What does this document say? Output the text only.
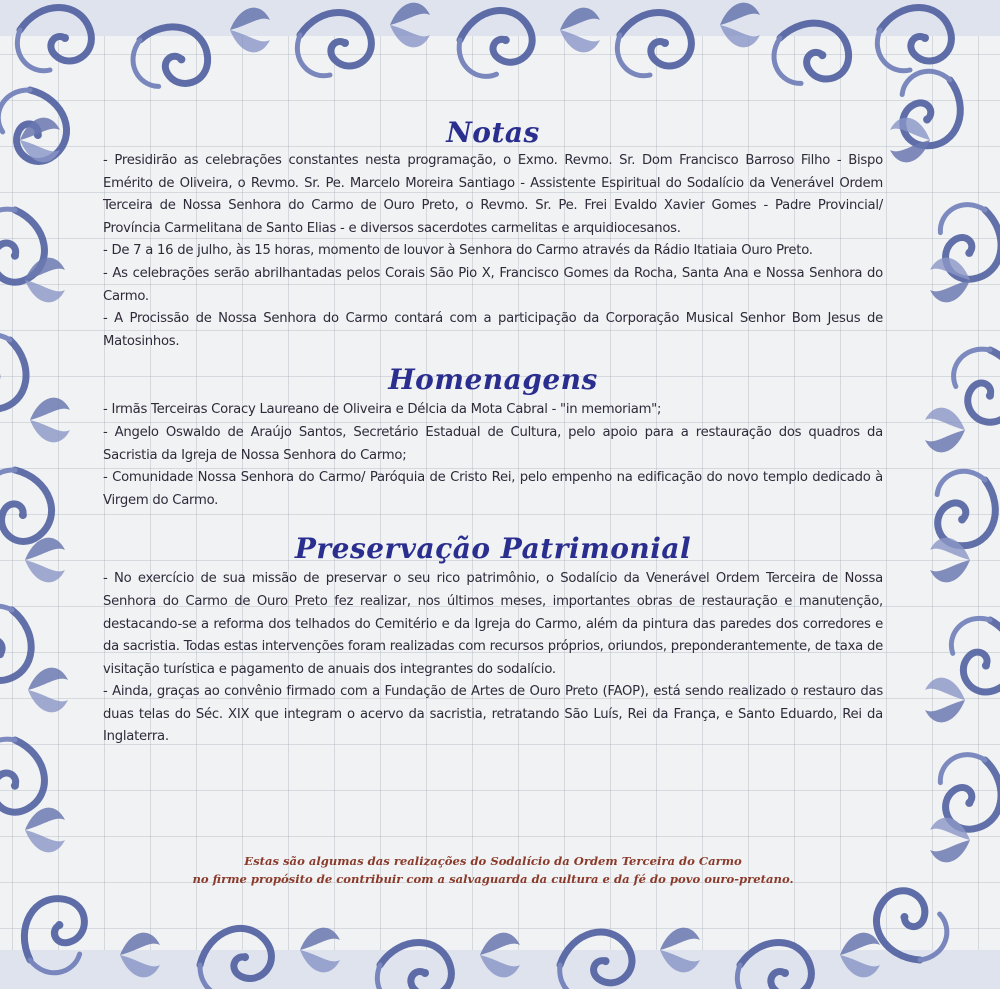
Notas

- Presidirão as celebrações constantes nesta programação, o Exmo. Revmo. Sr. Dom Francisco Barroso Filho - Bispo Emérito de Oliveira, o Revmo. Sr. Pe. Marcelo Moreira Santiago - Assistente Espiritual do Sodalício da Venerável Ordem Terceira de Nossa Senhora do Carmo de Ouro Preto, o Revmo. Sr. Pe. Frei Evaldo Xavier Gomes - Padre Provincial/ Província Carmelitana de Santo Elias - e diversos sacerdotes carmelitas e arquidiocesanos.

- De 7 a 16 de julho, às 15 horas, momento de louvor à Senhora do Carmo através da Rádio Itatiaia Ouro Preto.

- As celebrações serão abrilhantadas pelos Corais São Pio X, Francisco Gomes da Rocha, Santa Ana e Nossa Senhora do Carmo.

- A Procissão de Nossa Senhora do Carmo contará com a participação da Corporação Musical Senhor Bom Jesus de Matosinhos.

Homenagens

- Irmãs Terceiras Coracy Laureano de Oliveira e Délcia da Mota Cabral - "in memoriam";

- Angelo Oswaldo de Araújo Santos, Secretário Estadual de Cultura, pelo apoio para a restauração dos quadros da Sacristia da Igreja de Nossa Senhora do Carmo;

- Comunidade Nossa Senhora do Carmo/ Paróquia de Cristo Rei, pelo empenho na edificação do novo templo dedicado à Virgem do Carmo.

Preservação Patrimonial

- No exercício de sua missão de preservar o seu rico patrimônio, o Sodalício da Venerável Ordem Terceira de Nossa Senhora do Carmo de Ouro Preto fez realizar, nos últimos meses, importantes obras de restauração e manutenção, destacando-se a reforma dos telhados do Cemitério e da Igreja do Carmo, além da pintura das paredes dos corredores e da sacristia. Todas estas intervenções foram realizadas com recursos próprios, oriundos, preponderantemente, de taxa de visitação turística e pagamento de anuais dos integrantes do sodalício.

- Ainda, graças ao convênio firmado com a Fundação de Artes de Ouro Preto (FAOP), está sendo realizado o restauro das duas telas do Séc. XIX que integram o acervo da sacristia, retratando São Luís, Rei da França, e Santo Eduardo, Rei da Inglaterra.

Estas são algumas das realizações do Sodalício da Ordem Terceira do Carmo
no firme propósito de contribuir com a salvaguarda da cultura e da fé do povo ouro-pretano.
